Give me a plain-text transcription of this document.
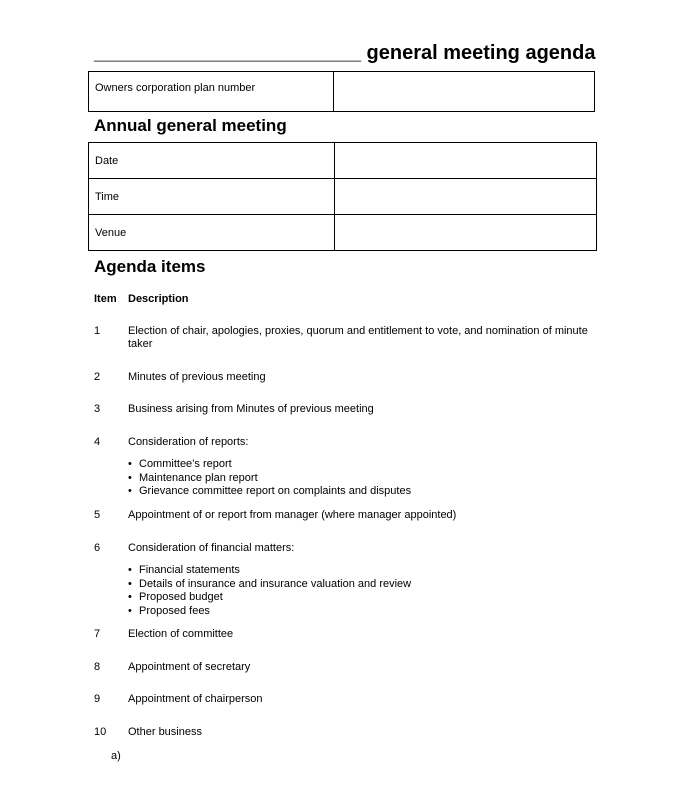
________________________ general meeting agenda
Owners corporation plan number	
Annual general meeting
Date	
Time	
Venue	
Agenda items
Item Description
1	Election of chair, apologies, proxies, quorum and entitlement to vote, and nomination of minute taker
2	Minutes of previous meeting
3	Business arising from Minutes of previous meeting
4	Consideration of reports:
• Committee’s report
• Maintenance plan report
• Grievance committee report on complaints and disputes
5	Appointment of or report from manager (where manager appointed)
6	Consideration of financial matters:
• Financial statements
• Details of insurance and insurance valuation and review
• Proposed budget
• Proposed fees
7	Election of committee
8	Appointment of secretary
9	Appointment of chairperson
10 Other business
a)
